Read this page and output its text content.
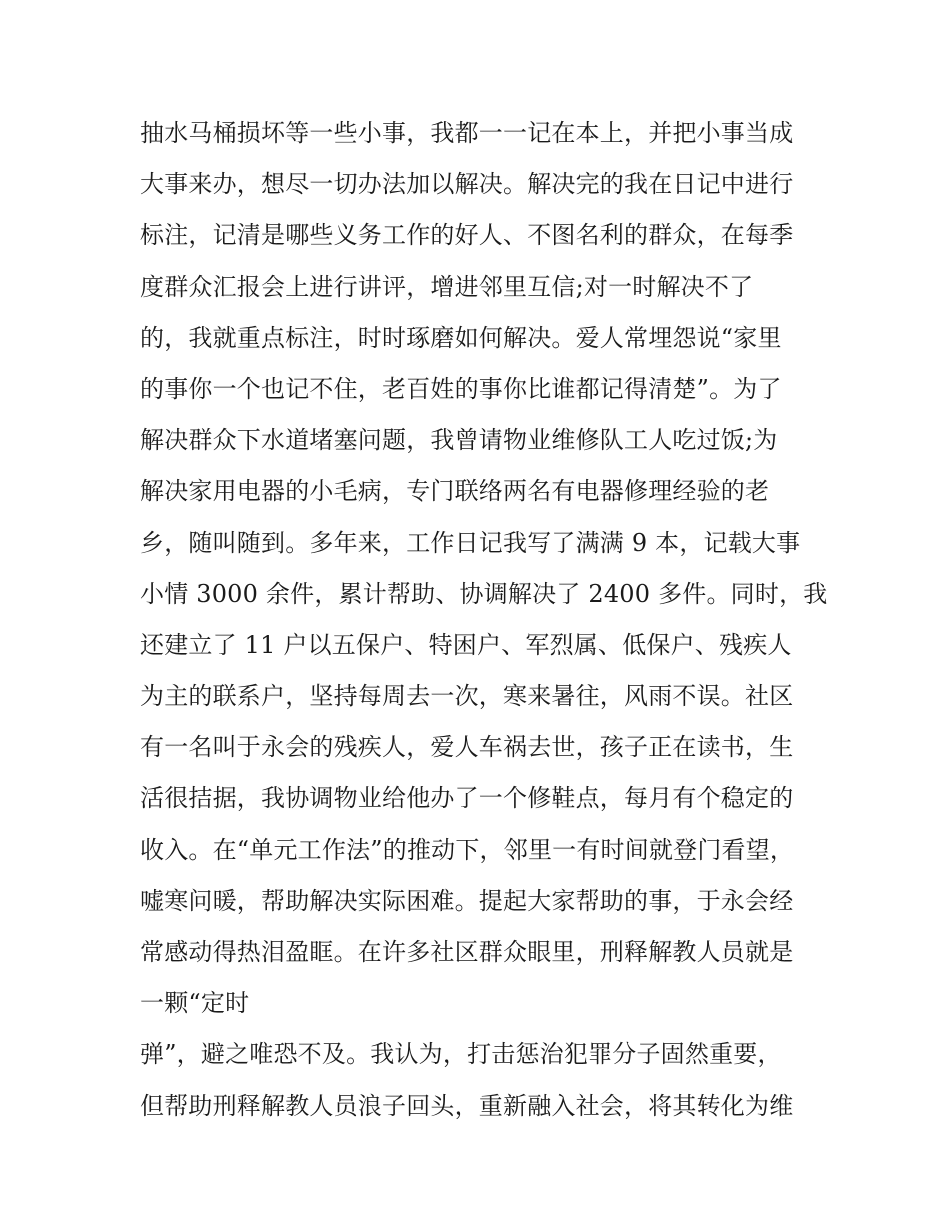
抽水马桶损坏等一些小事，我都一一记在本上，并把小事当成
大事来办，想尽一切办法加以解决。解决完的我在日记中进行
标注，记清是哪些义务工作的好人、不图名利的群众，在每季
度群众汇报会上进行讲评，增进邻里互信;对一时解决不了
的，我就重点标注，时时琢磨如何解决。爱人常埋怨说“家里
的事你一个也记不住，老百姓的事你比谁都记得清楚”。为了
解决群众下水道堵塞问题，我曾请物业维修队工人吃过饭;为
解决家用电器的小毛病，专门联络两名有电器修理经验的老
乡，随叫随到。多年来，工作日记我写了满满 9 本，记载大事
小情 3000 余件，累计帮助、协调解决了 2400 多件。同时，我
还建立了 11 户以五保户、特困户、军烈属、低保户、残疾人
为主的联系户，坚持每周去一次，寒来暑往，风雨不误。社区
有一名叫于永会的残疾人，爱人车祸去世，孩子正在读书，生
活很拮据，我协调物业给他办了一个修鞋点，每月有个稳定的
收入。在“单元工作法”的推动下，邻里一有时间就登门看望，
嘘寒问暖，帮助解决实际困难。提起大家帮助的事，于永会经
常感动得热泪盈眶。在许多社区群众眼里，刑释解教人员就是
一颗“定时
弹”，避之唯恐不及。我认为，打击惩治犯罪分子固然重要，
但帮助刑释解教人员浪子回头，重新融入社会，将其转化为维
